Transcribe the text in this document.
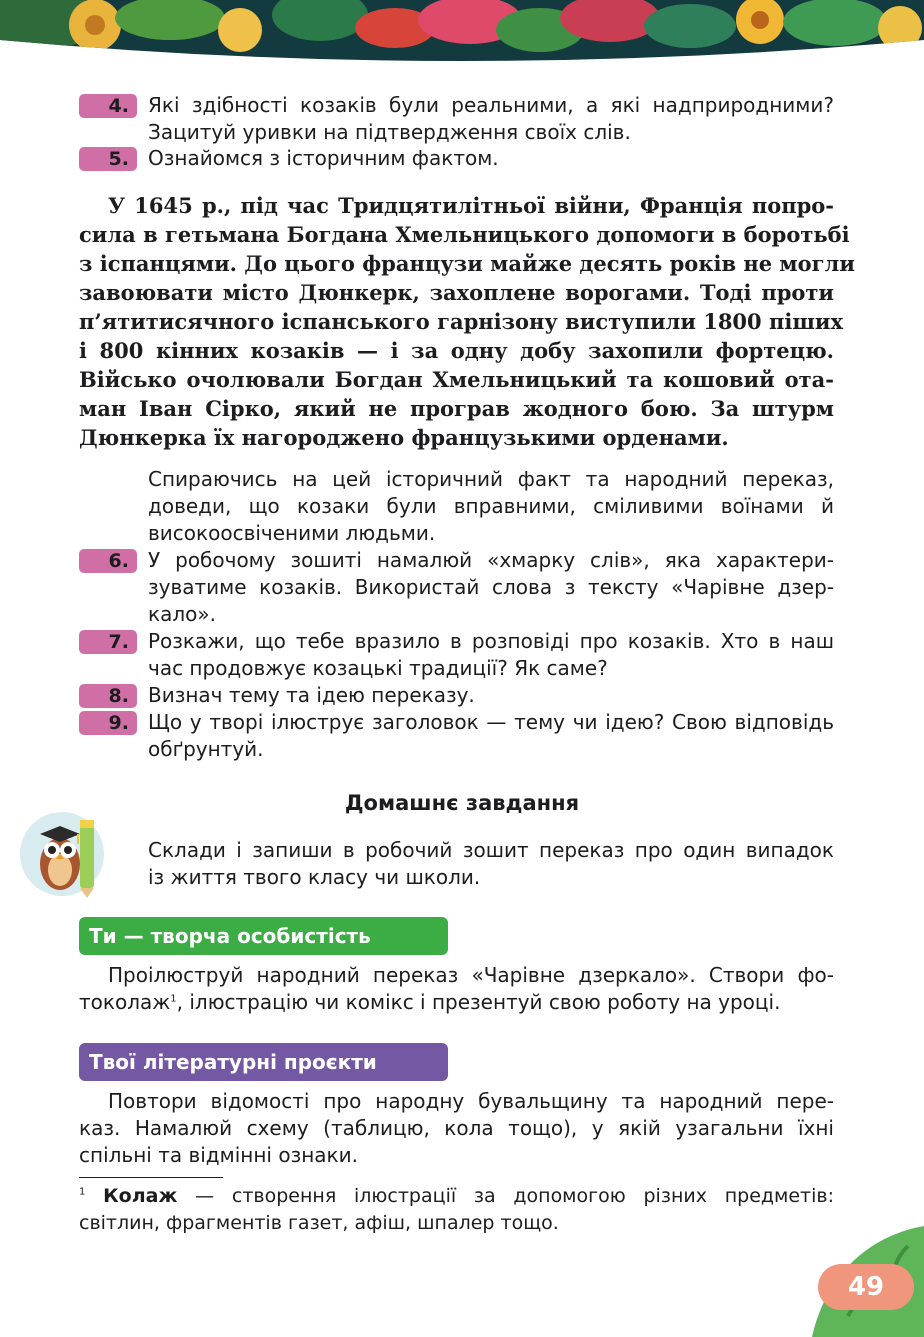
4. Які здібності козаків були реальними, а які надприродними?
Зацитуй уривки на підтвердження своїх слів.
5. Ознайомся з історичним фактом.
У 1645 р., під час Тридцятилітньої війни, Франція попро-
сила в гетьмана Богдана Хмельницького допомоги в боротьбі
з іспанцями. До цього французи майже десять років не могли
завоювати місто Дюнкерк, захоплене ворогами. Тоді проти
п’ятитисячного іспанського гарнізону виступили 1800 піших
і 800 кінних козаків — і за одну добу захопили фортецю.
Військо очолювали Богдан Хмельницький та кошовий ота-
ман Іван Сірко, який не програв жодного бою. За штурм
Дюнкерка їх нагороджено французькими орденами.
Спираючись на цей історичний факт та народний переказ,
доведи, що козаки були вправними, сміливими воїнами й
високоосвіченими людьми.
6. У робочому зошиті намалюй «хмарку слів», яка характери-
зуватиме козаків. Використай слова з тексту «Чарівне дзер-
кало».
7. Розкажи, що тебе вразило в розповіді про козаків. Хто в наш
час продовжує козацькі традиції? Як саме?
8. Визнач тему та ідею переказу.
9. Що у творі ілюструє заголовок — тему чи ідею? Свою відповідь
обґрунтуй.
Домашнє завдання
Склади і запиши в робочий зошит переказ про один випадок
із життя твого класу чи школи.
Ти — творча особистість
Проілюструй народний переказ «Чарівне дзеркало». Створи фо-
токолаж$^1$, ілюстрацію чи комікс і презентуй свою роботу на уроці.
Твої літературні проєкти
Повтори відомості про народну бувальщину та народний пере-
каз. Намалюй схему (таблицю, кола тощо), у якій узагальни їхні
спільні та відмінні ознаки.
$^1$ Колаж — створення ілюстрації за допомогою різних предметів:
світлин, фрагментів газет, афіш, шпалер тощо.
49
